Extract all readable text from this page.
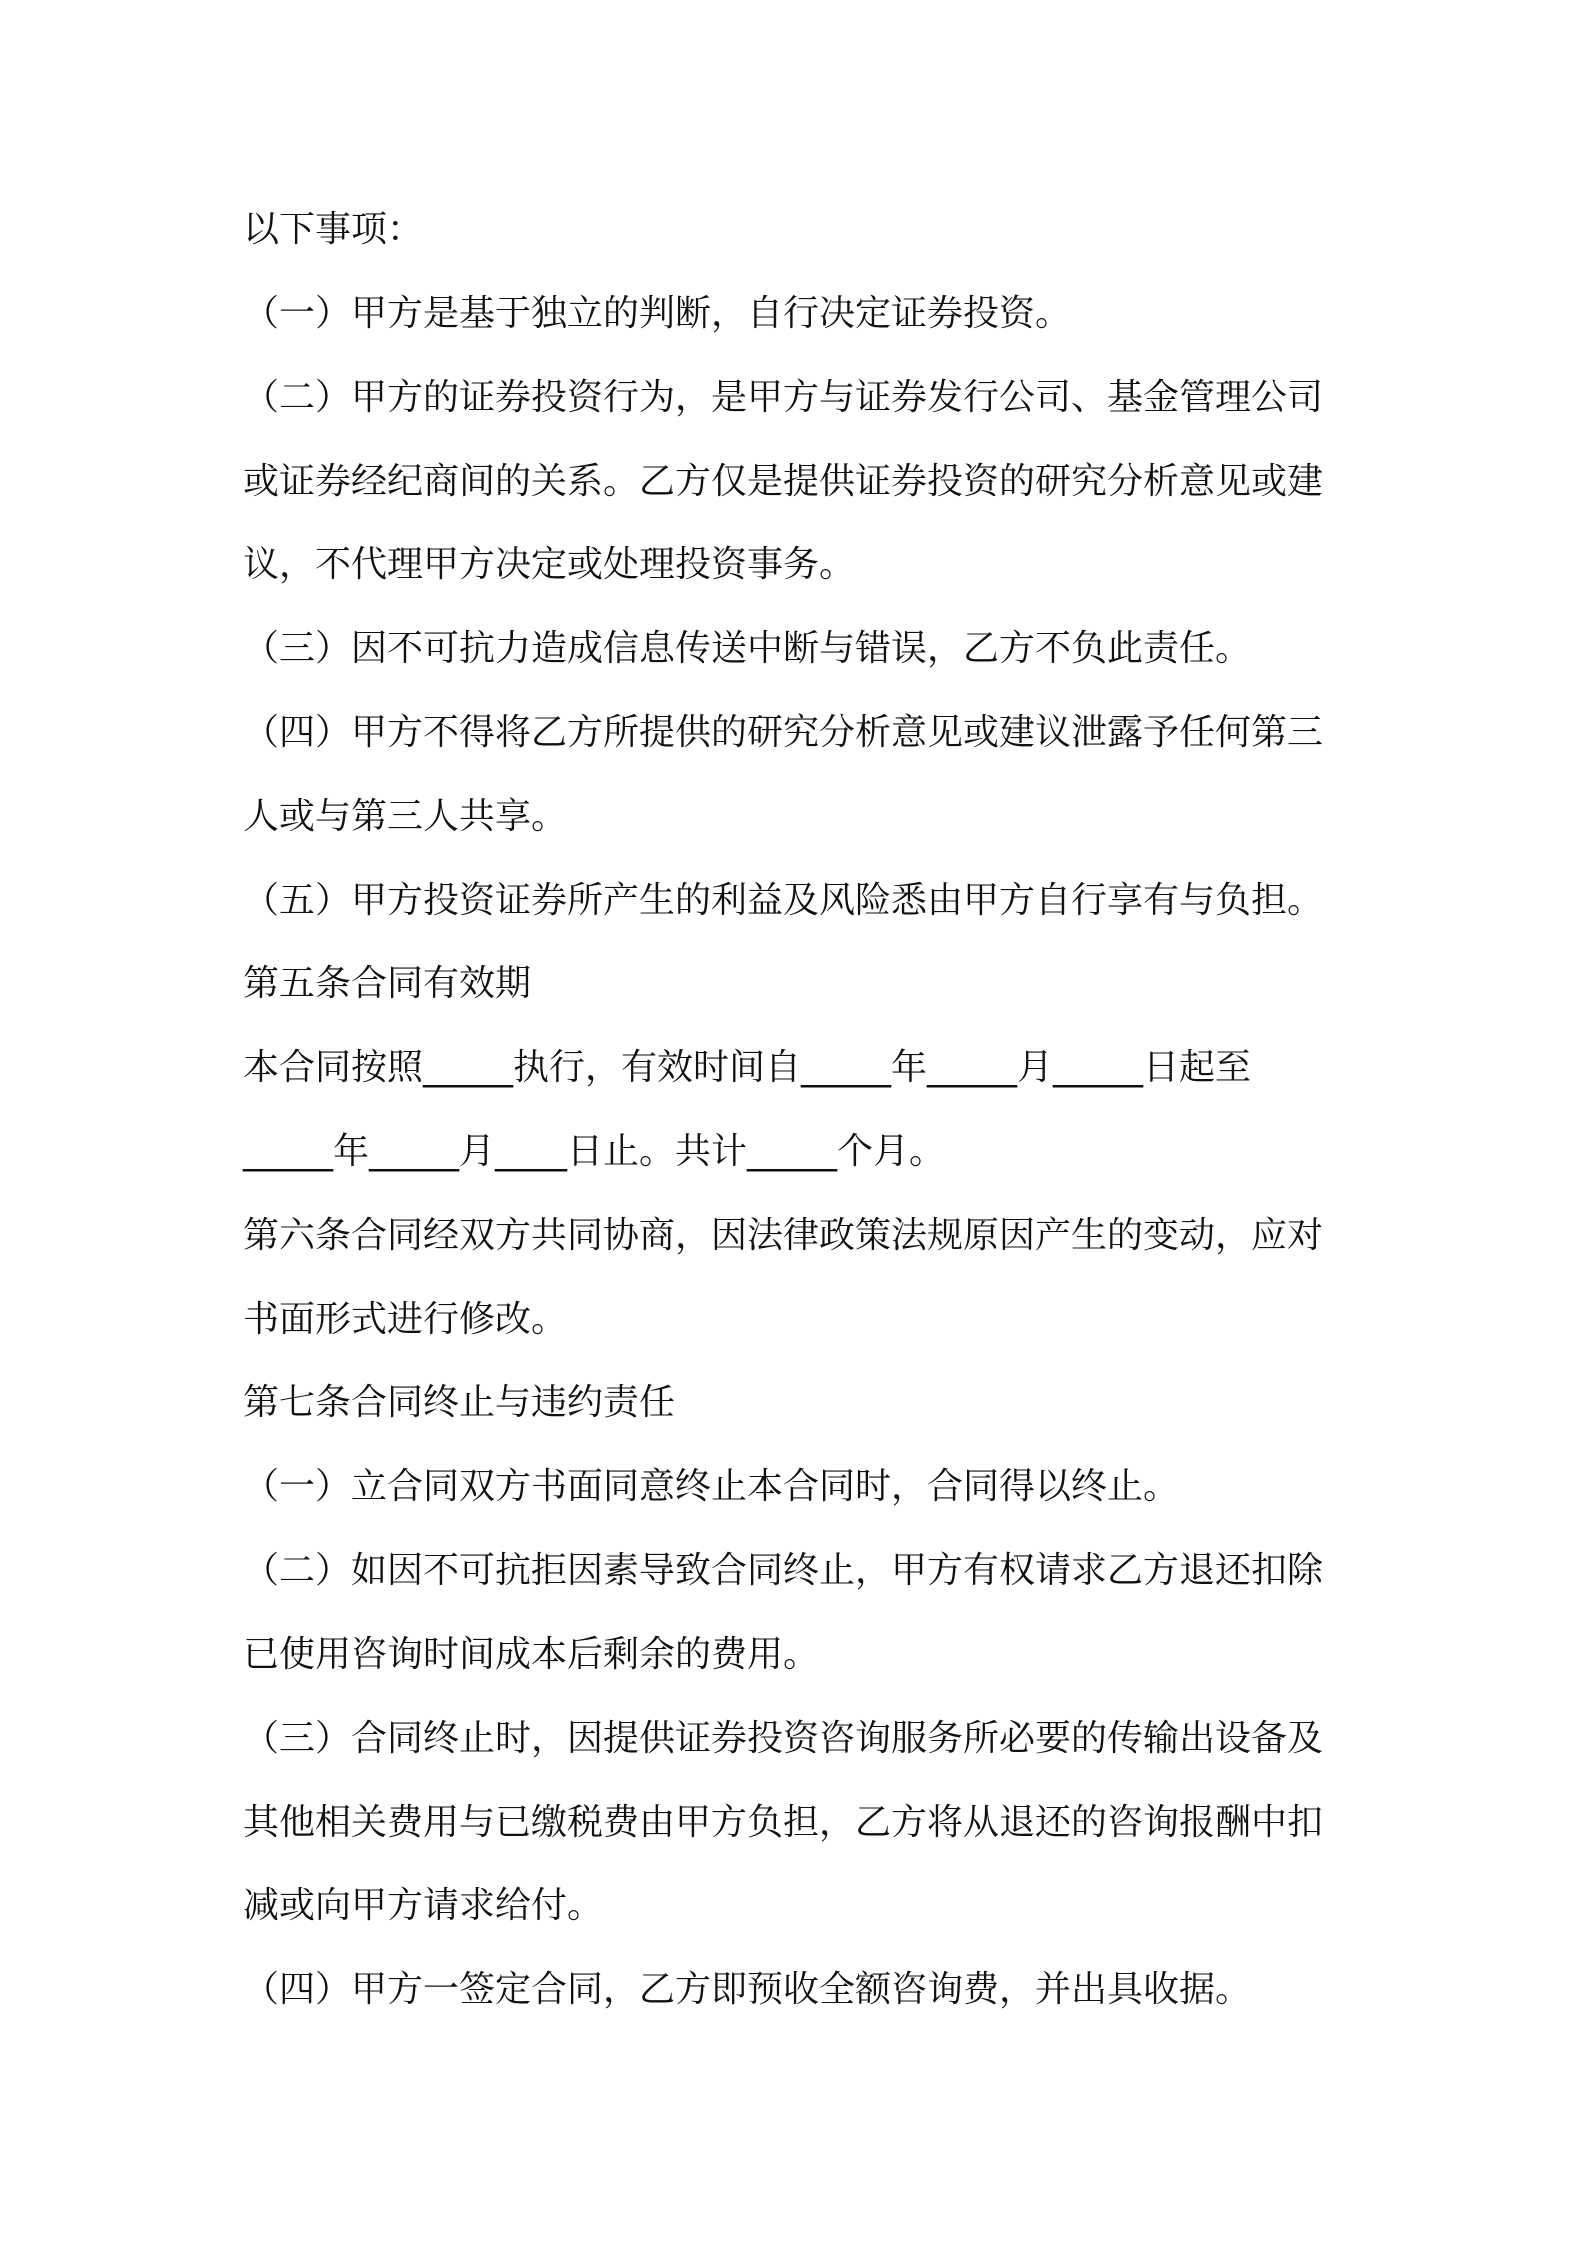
以下事项：
（一）甲方是基于独立的判断，自行决定证券投资。
（二）甲方的证券投资行为，是甲方与证券发行公司、基金管理公司
或证券经纪商间的关系。乙方仅是提供证券投资的研究分析意见或建
议，不代理甲方决定或处理投资事务。
（三）因不可抗力造成信息传送中断与错误，乙方不负此责任。
（四）甲方不得将乙方所提供的研究分析意见或建议泄露予任何第三
人或与第三人共享。
（五）甲方投资证券所产生的利益及风险悉由甲方自行享有与负担。
第五条合同有效期
本合同按照_____执行，有效时间自_____年_____月_____日起至
_____年_____月____日止。共计_____个月。
第六条合同经双方共同协商，因法律政策法规原因产生的变动，应对
书面形式进行修改。
第七条合同终止与违约责任
（一）立合同双方书面同意终止本合同时，合同得以终止。
（二）如因不可抗拒因素导致合同终止，甲方有权请求乙方退还扣除
已使用咨询时间成本后剩余的费用。
（三）合同终止时，因提供证券投资咨询服务所必要的传输出设备及
其他相关费用与已缴税费由甲方负担，乙方将从退还的咨询报酬中扣
减或向甲方请求给付。
（四）甲方一签定合同，乙方即预收全额咨询费，并出具收据。
